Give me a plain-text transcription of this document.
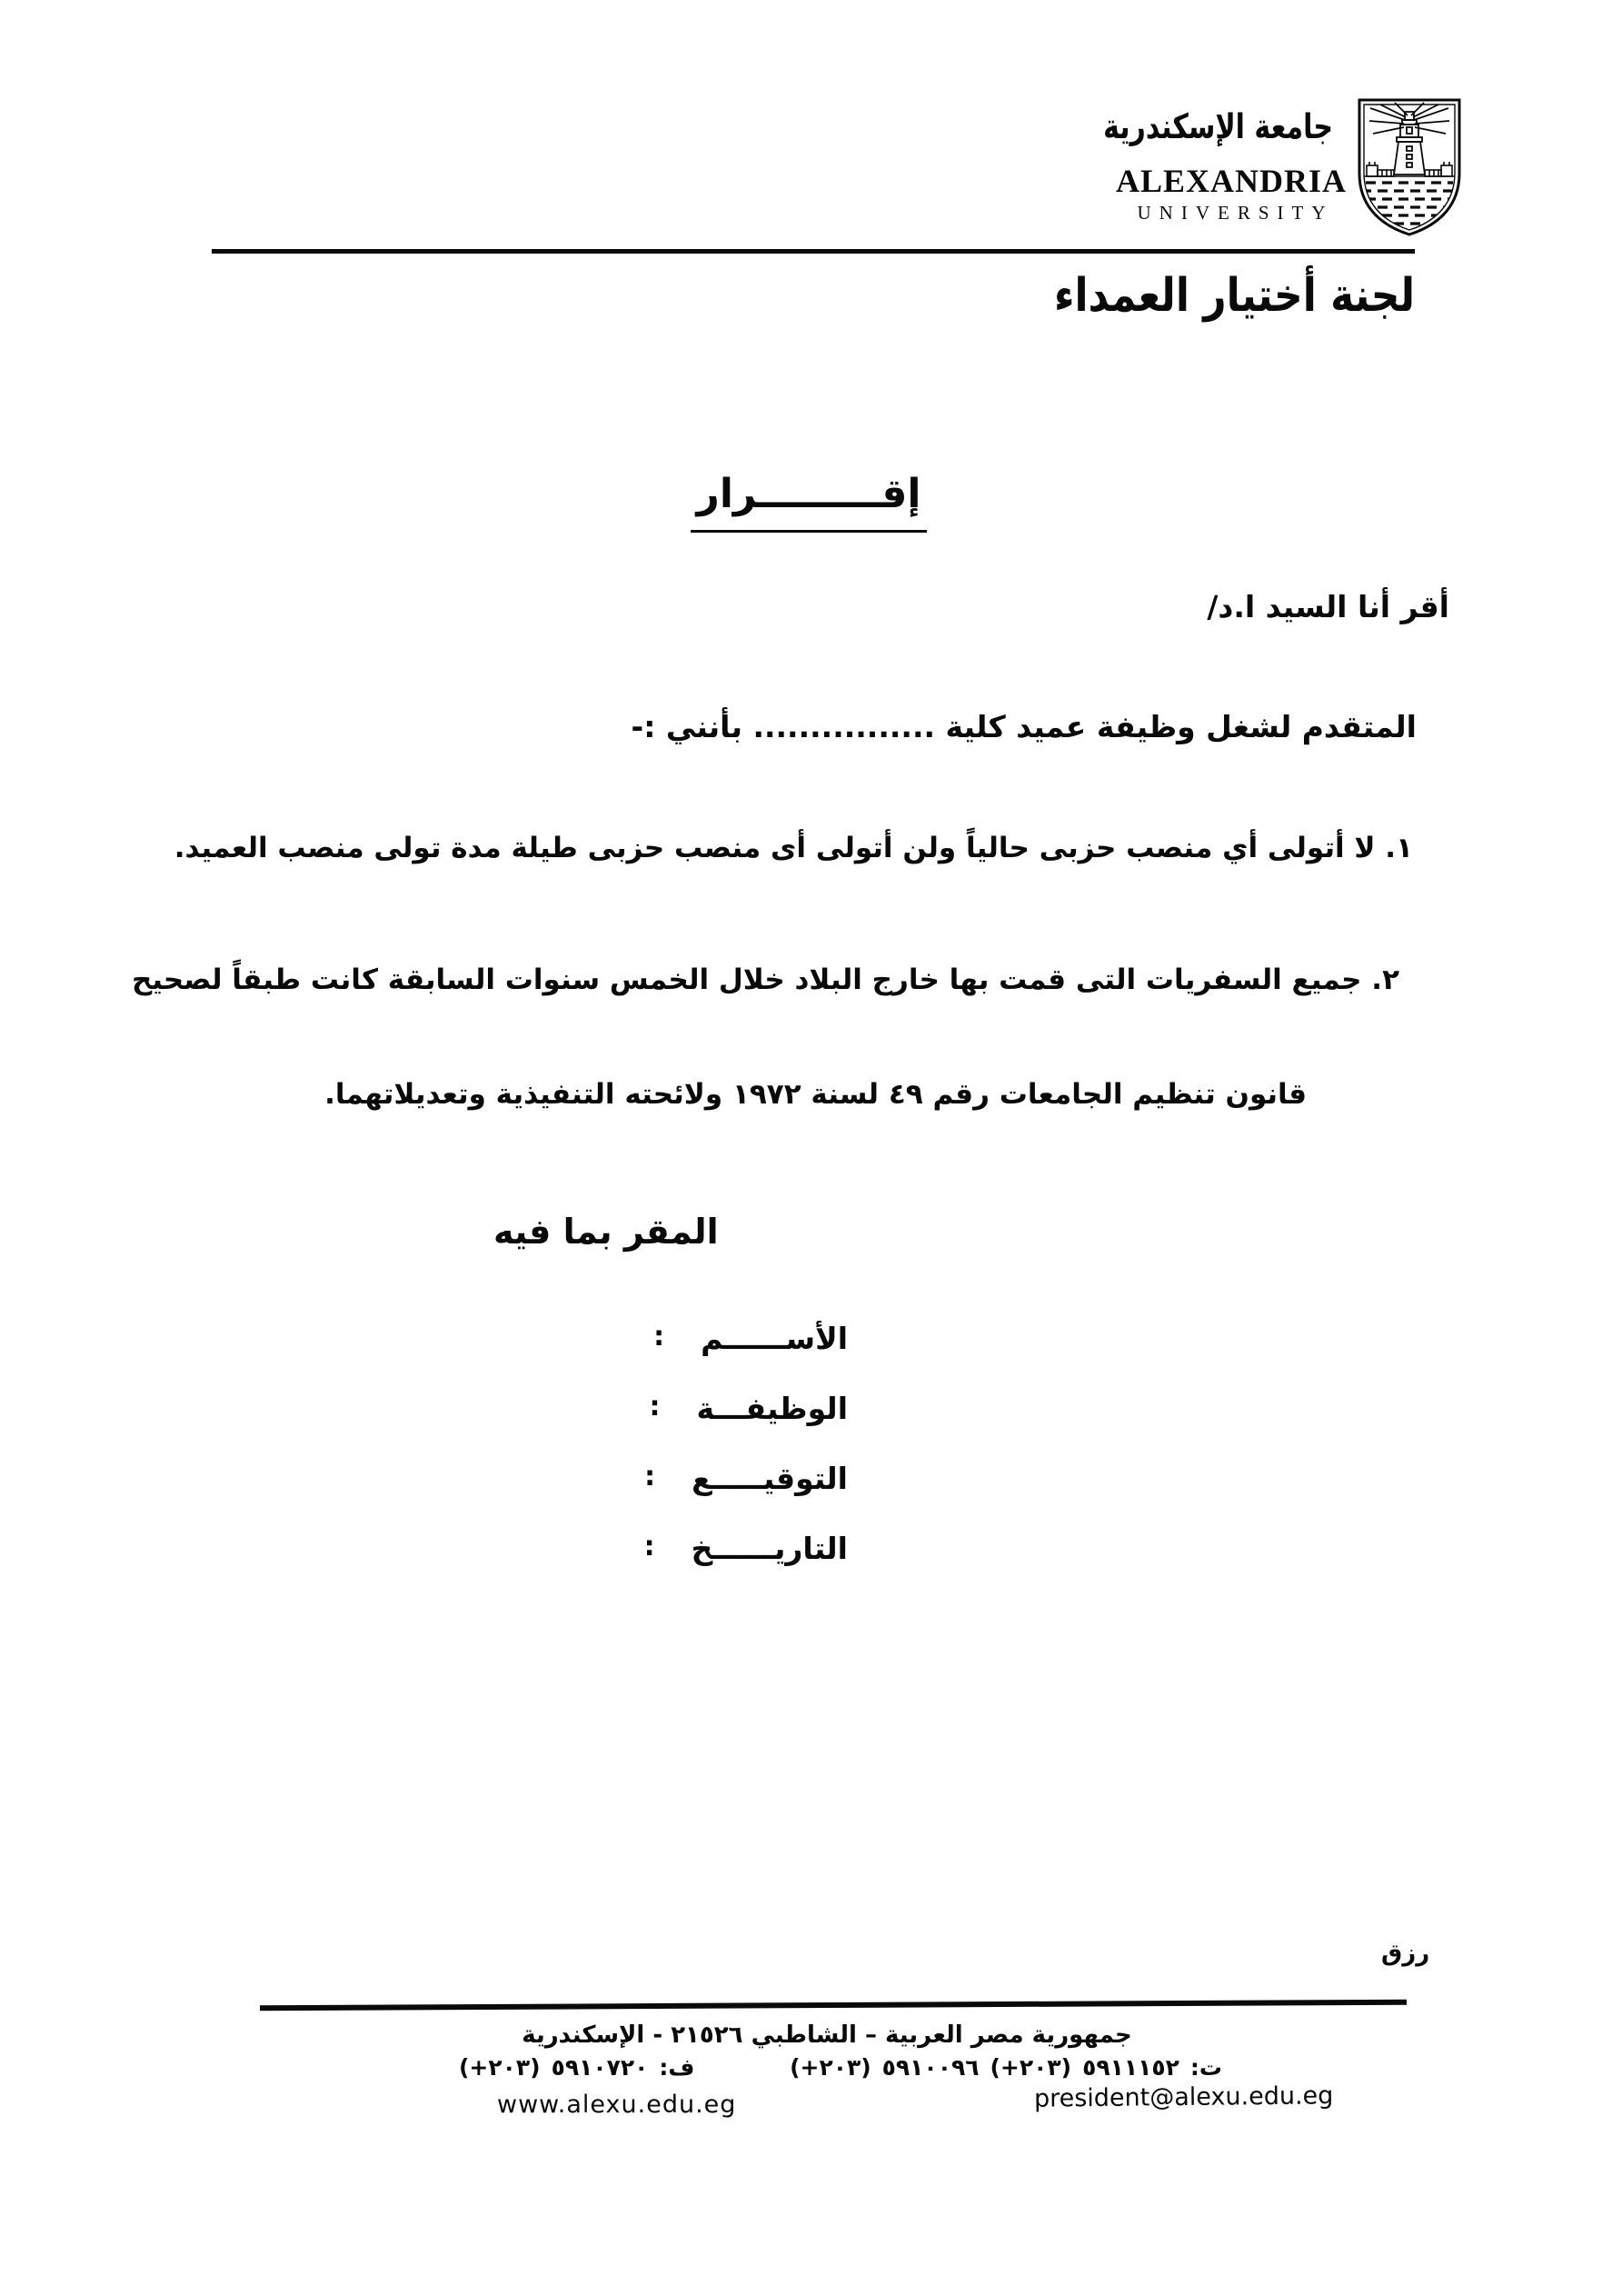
جامعة الإسكندرية
ALEXANDRIA
UNIVERSITY
لجنة أختيار العمداء
إقـــــــــرار
أقر أنا السيد ا.د/
المتقدم لشغل وظيفة عميد كلية ................ بأنني :-
١. لا أتولى أي منصب حزبى حالياً ولن أتولى أى منصب حزبى طيلة مدة تولى منصب العميد.
٢. جميع السفريات التى قمت بها خارج البلاد خلال الخمس سنوات السابقة كانت طبقاً لصحيح
قانون تنظيم الجامعات رقم ٤٩ لسنة ١٩٧٢ ولائحته التنفيذية وتعديلاتهما.
المقر بما فيه
الأســــــم
:
الوظيفـــة
:
التوقيـــــع
:
التاريــــــخ
:
رزق
جمهورية مصر العربية – الشاطبي ٢١٥٢٦ - الإسكندرية
ت:
٥٩١١١٥٢
(+٢٠٣)
٥٩١٠٠٩٦
(+٢٠٣)
ف:
٥٩١٠٧٢٠
(+٢٠٣)
www.alexu.edu.eg	president@alexu.edu.eg
